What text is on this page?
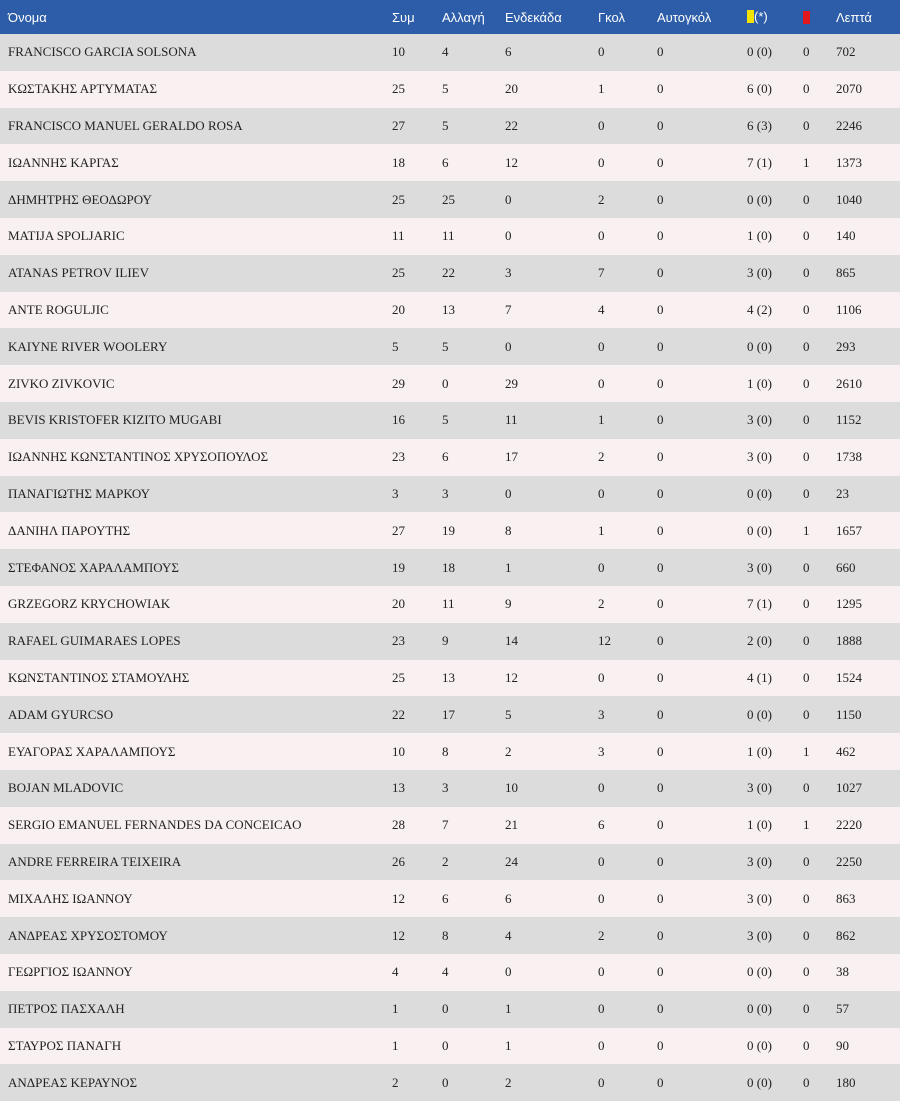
Όνομα	Συμ	Αλλαγή	Ενδεκάδα	Γκολ	Αυτογκόλ	(*)		Λεπτά
FRANCISCO GARCIA SOLSONA	10	4	6	0	0	0 (0)	0	702
ΚΩΣΤΑΚΗΣ ΑΡΤΥΜΑΤΑΣ	25	5	20	1	0	6 (0)	0	2070
FRANCISCO MANUEL GERALDO ROSA	27	5	22	0	0	6 (3)	0	2246
ΙΩΑΝΝΗΣ ΚΑΡΓΑΣ	18	6	12	0	0	7 (1)	1	1373
ΔΗΜΗΤΡΗΣ ΘΕΟΔΩΡΟΥ	25	25	0	2	0	0 (0)	0	1040
MATIJA SPOLJARIC	11	11	0	0	0	1 (0)	0	140
ATANAS PETROV ILIEV	25	22	3	7	0	3 (0)	0	865
ANTE ROGULJIC	20	13	7	4	0	4 (2)	0	1106
KAIYNE RIVER WOOLERY	5	5	0	0	0	0 (0)	0	293
ZIVKO ZIVKOVIC	29	0	29	0	0	1 (0)	0	2610
BEVIS KRISTOFER KIZITO MUGABI	16	5	11	1	0	3 (0)	0	1152
ΙΩΑΝΝΗΣ ΚΩΝΣΤΑΝΤΙΝΟΣ ΧΡΥΣΟΠΟΥΛΟΣ	23	6	17	2	0	3 (0)	0	1738
ΠΑΝΑΓΙΩΤΗΣ ΜΑΡΚΟΥ	3	3	0	0	0	0 (0)	0	23
ΔΑΝΙΗΛ ΠΑΡΟΥΤΗΣ	27	19	8	1	0	0 (0)	1	1657
ΣΤΕΦΑΝΟΣ ΧΑΡΑΛΑΜΠΟΥΣ	19	18	1	0	0	3 (0)	0	660
GRZEGORZ KRYCHOWIAK	20	11	9	2	0	7 (1)	0	1295
RAFAEL GUIMARAES LOPES	23	9	14	12	0	2 (0)	0	1888
ΚΩΝΣΤΑΝΤΙΝΟΣ ΣΤΑΜΟΥΛΗΣ	25	13	12	0	0	4 (1)	0	1524
ADAM GYURCSO	22	17	5	3	0	0 (0)	0	1150
ΕΥΑΓΟΡΑΣ ΧΑΡΑΛΑΜΠΟΥΣ	10	8	2	3	0	1 (0)	1	462
BOJAN MLADOVIC	13	3	10	0	0	3 (0)	0	1027
SERGIO EMANUEL FERNANDES DA CONCEICAO	28	7	21	6	0	1 (0)	1	2220
ANDRE FERREIRA TEIXEIRA	26	2	24	0	0	3 (0)	0	2250
ΜΙΧΑΛΗΣ ΙΩΑΝΝΟΥ	12	6	6	0	0	3 (0)	0	863
ΑΝΔΡΕΑΣ ΧΡΥΣΟΣΤΟΜΟΥ	12	8	4	2	0	3 (0)	0	862
ΓΕΩΡΓΙΟΣ ΙΩΑΝΝΟΥ	4	4	0	0	0	0 (0)	0	38
ΠΕΤΡΟΣ ΠΑΣΧΑΛΗ	1	0	1	0	0	0 (0)	0	57
ΣΤΑΥΡΟΣ ΠΑΝΑΓΗ	1	0	1	0	0	0 (0)	0	90
ΑΝΔΡΕΑΣ ΚΕΡΑΥΝΟΣ	2	0	2	0	0	0 (0)	0	180
